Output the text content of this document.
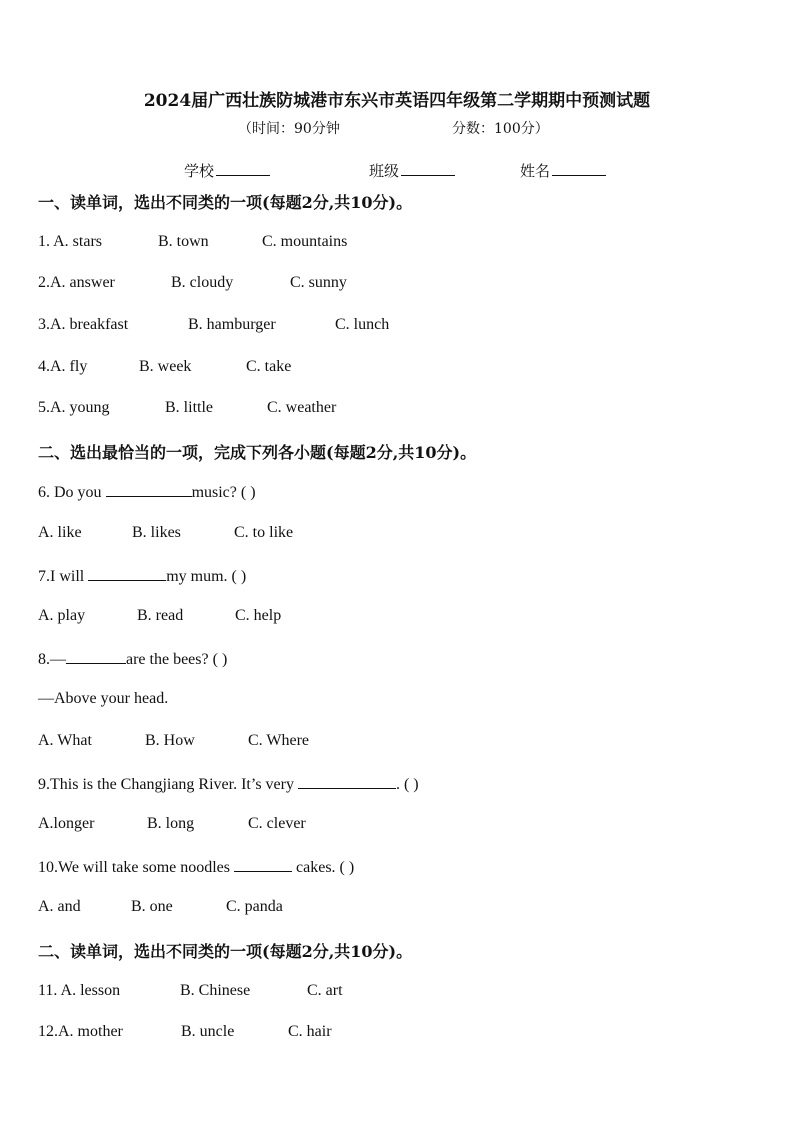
2024届广西壮族防城港市东兴市英语四年级第二学期期中预测试题
（时间：90分钟	分数：100分）
学校	班级	姓名
一、读单词，选出不同类的一项(每题2分,共10分)。
1. A. stars	B. town	C. mountains
2.A. answer	B. cloudy	C. sunny
3.A. breakfast	B. hamburger	C. lunch
4.A. fly	B. week	C. take
5.A. young	B. little	C. weather
二、选出最恰当的一项，完成下列各小题(每题2分,共10分)。
6. Do you	music? ( )
A. like	B. likes	C. to like
7.I will	my mum. ( )
A. play	B. read	C. help
8.—	are the bees? ( )
—Above your head.
A. What	B. How	C. Where
9.This is the Changjiang River. It’s very	. ( )
A.longer	B. long	C. clever
10.We will take some noodles	cakes. ( )
A. and	B. one	C. panda
二、读单词，选出不同类的一项(每题2分,共10分)。
11. A. lesson	B. Chinese	C. art
12.A. mother	B. uncle	C. hair
